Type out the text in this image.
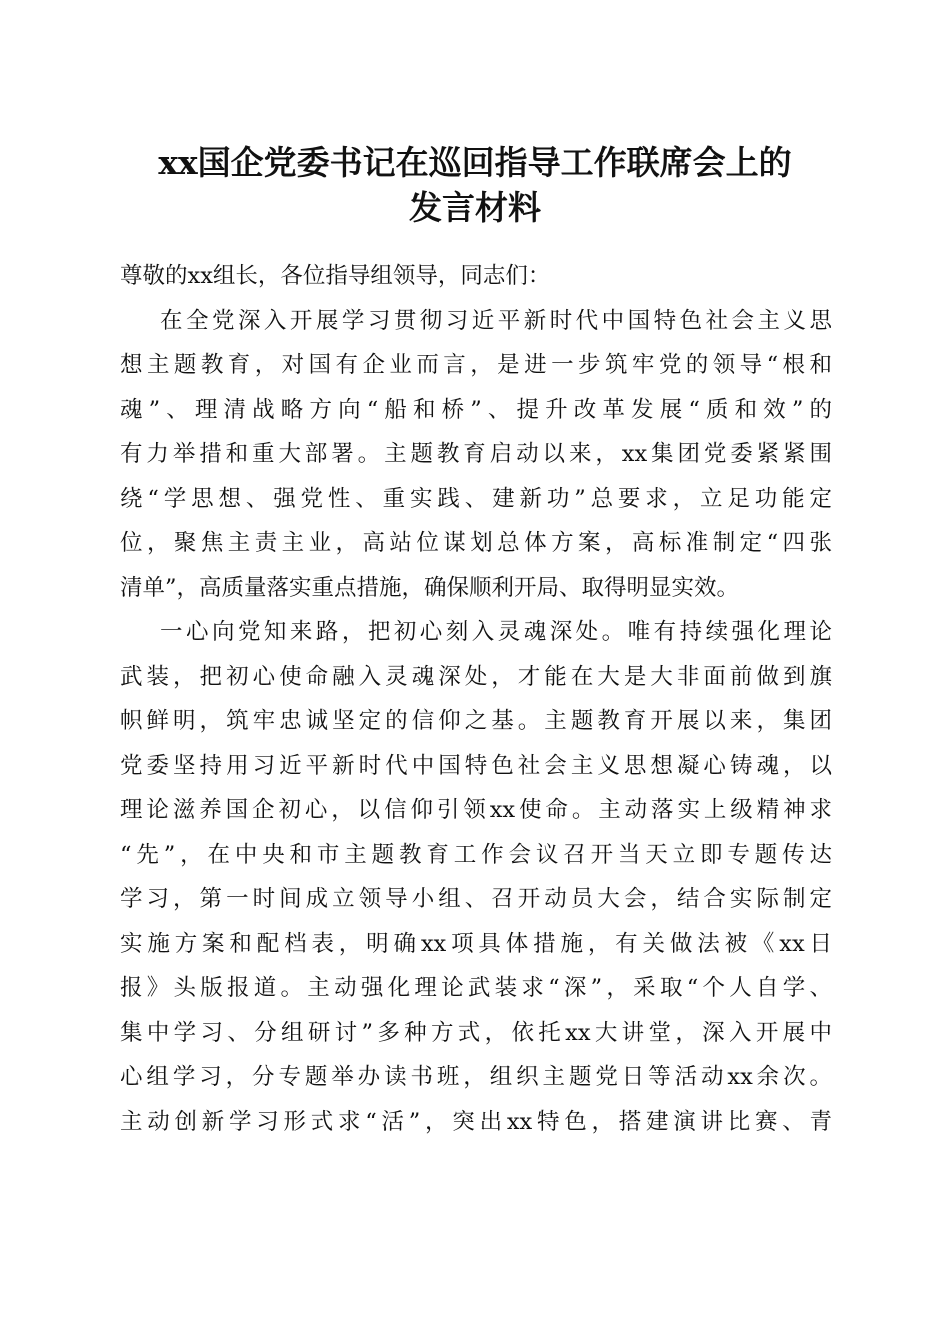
xx国企党委书记在巡回指导工作联席会上的
发言材料
尊敬的xx组长，各位指导组领导，同志们：
在全党深入开展学习贯彻习近平新时代中国特色社会主义思
想主题教育，对国有企业而言，是进一步筑牢党的领导“根和
魂”、理清战略方向“船和桥”、提升改革发展“质和效”的
有力举措和重大部署。主题教育启动以来，xx集团党委紧紧围
绕“学思想、强党性、重实践、建新功”总要求，立足功能定
位，聚焦主责主业，高站位谋划总体方案，高标准制定“四张
清单”，高质量落实重点措施，确保顺利开局、取得明显实效。
一心向党知来路，把初心刻入灵魂深处。唯有持续强化理论
武装，把初心使命融入灵魂深处，才能在大是大非面前做到旗
帜鲜明，筑牢忠诚坚定的信仰之基。主题教育开展以来，集团
党委坚持用习近平新时代中国特色社会主义思想凝心铸魂，以
理论滋养国企初心，以信仰引领xx使命。主动落实上级精神求
“先”，在中央和市主题教育工作会议召开当天立即专题传达
学习，第一时间成立领导小组、召开动员大会，结合实际制定
实施方案和配档表，明确xx项具体措施，有关做法被《xx日
报》头版报道。主动强化理论武装求“深”，采取“个人自学、
集中学习、分组研讨”多种方式，依托xx大讲堂，深入开展中
心组学习，分专题举办读书班，组织主题党日等活动xx余次。
主动创新学习形式求“活”，突出xx特色，搭建演讲比赛、青
